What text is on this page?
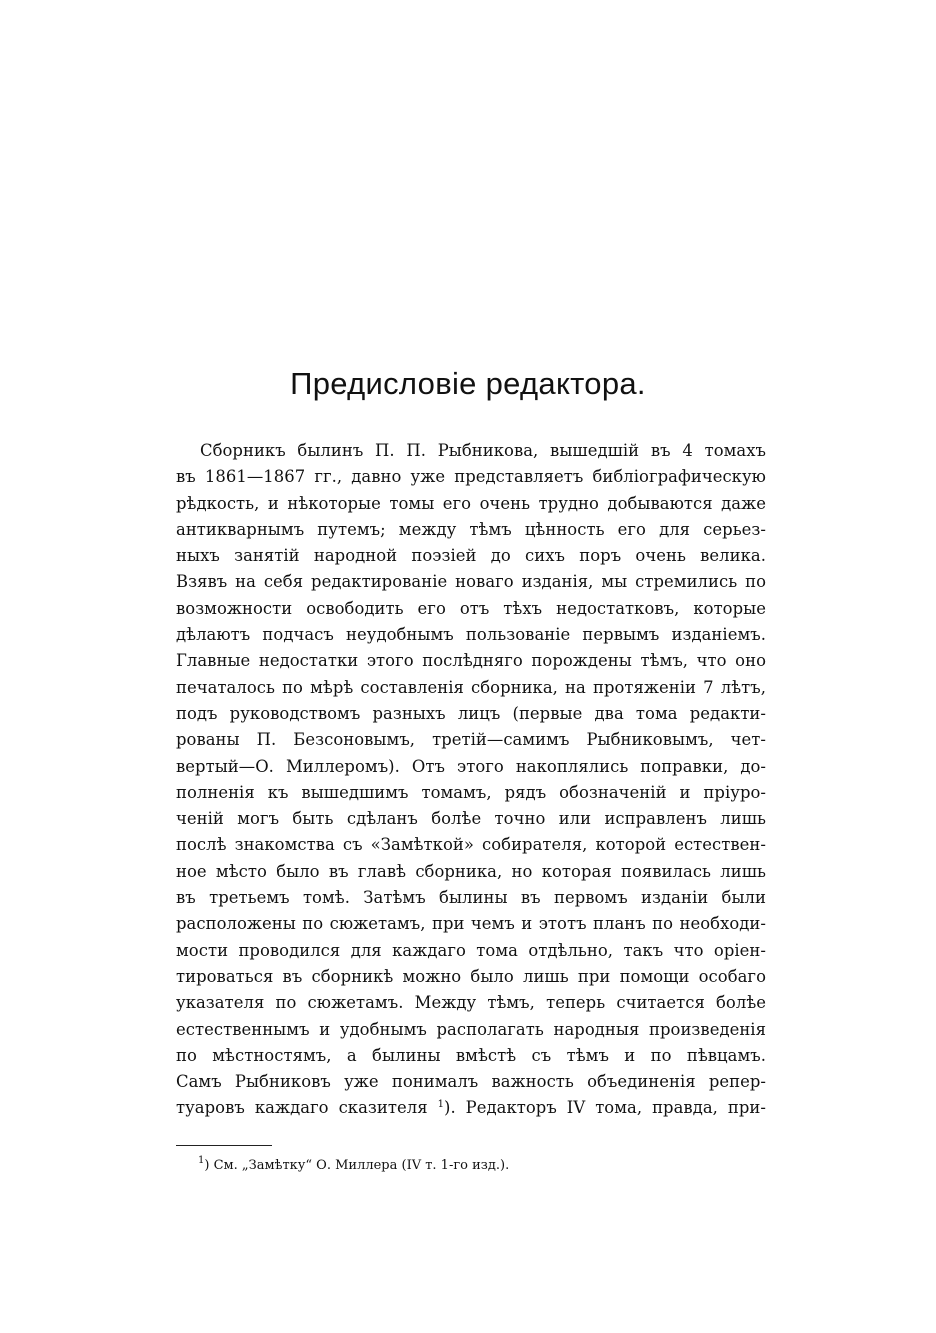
Предисловіе редактора.
Сборникъ былинъ П. П. Рыбникова, вышедшій въ 4 томахъ
въ 1861—1867 гг., давно уже представляетъ библіографическую
рѣдкость, и нѣкоторые томы его очень трудно добываются даже
антикварнымъ путемъ; между тѣмъ цѣнность его для серьез-
ныхъ занятій народной поэзіей до сихъ поръ очень велика.
Взявъ на себя редактированіе новаго изданія, мы стремились по
возможности освободить его отъ тѣхъ недостатковъ, которые
дѣлаютъ подчасъ неудобнымъ пользованіе первымъ изданіемъ.
Главные недостатки этого послѣдняго порождены тѣмъ, что оно
печаталось по мѣрѣ составленія сборника, на протяженіи 7 лѣтъ,
подъ руководствомъ разныхъ лицъ (первые два тома редакти-
рованы П. Безсоновымъ, третій—самимъ Рыбниковымъ, чет-
вертый—О. Миллеромъ). Отъ этого накоплялись поправки, до-
полненія къ вышедшимъ томамъ, рядъ обозначеній и пріуро-
ченій могъ быть сдѣланъ болѣе точно или исправленъ лишь
послѣ знакомства съ «Замѣткой» собирателя, которой естествен-
ное мѣсто было въ главѣ сборника, но которая появилась лишь
въ третьемъ томѣ. Затѣмъ былины въ первомъ изданіи были
расположены по сюжетамъ, при чемъ и этотъ планъ по необходи-
мости проводился для каждаго тома отдѣльно, такъ что оріен-
тироваться въ сборникѣ можно было лишь при помощи особаго
указателя по сюжетамъ. Между тѣмъ, теперь считается болѣе
естественнымъ и удобнымъ располагать народныя произведенія
по мѣстностямъ, а былины вмѣстѣ съ тѣмъ и по пѣвцамъ.
Самъ Рыбниковъ уже понималъ важность объединенія репер-
туаровъ каждаго сказителя $^1$). Редакторъ IV тома, правда, при-
$^1$) См. „Замѣтку“ О. Миллера (IV т. 1-го изд.).
